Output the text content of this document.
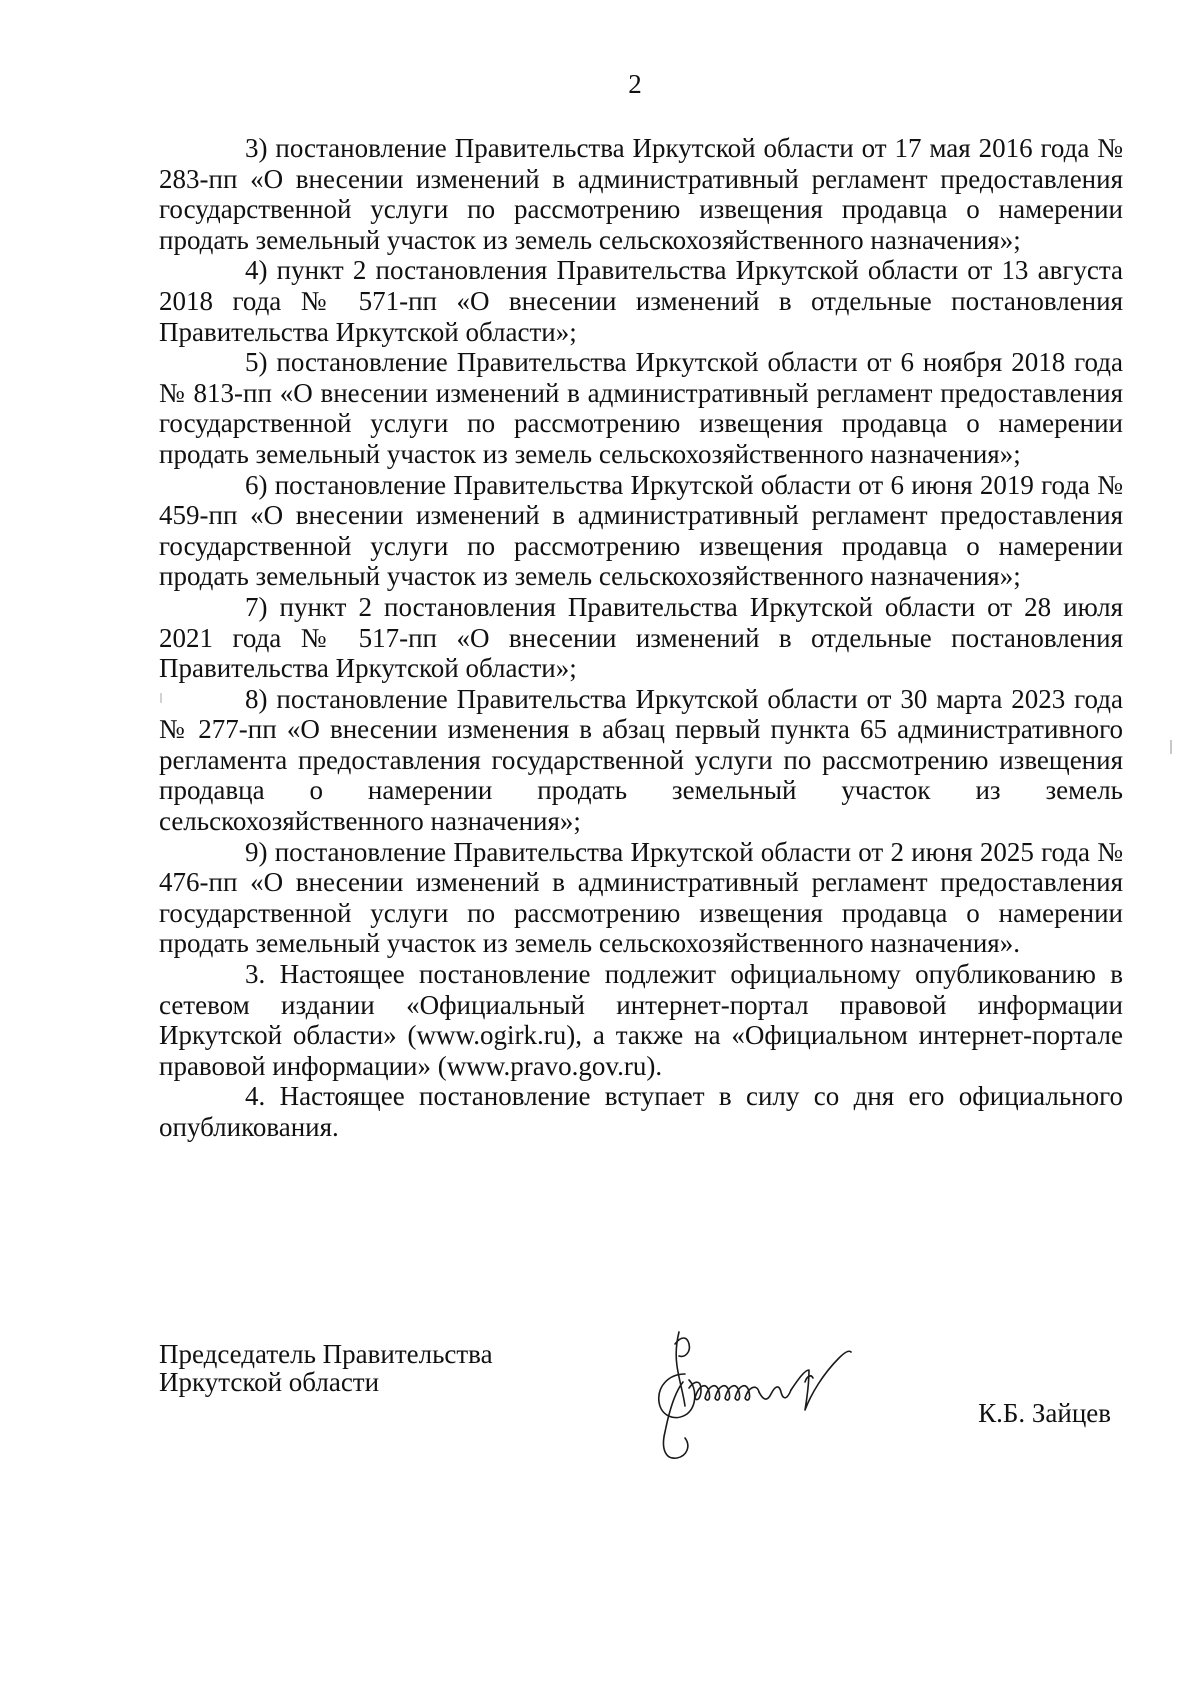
2

3) постановление Правительства Иркутской области от 17 мая 2016 года № 283-пп «О внесении изменений в административный регламент предоставления государственной услуги по рассмотрению извещения продавца о намерении продать земельный участок из земель сельскохозяйственного назначения»;

4) пункт 2 постановления Правительства Иркутской области от 13 августа 2018 года № 571-пп «О внесении изменений в отдельные постановления Правительства Иркутской области»;

5) постановление Правительства Иркутской области от 6 ноября 2018 года № 813-пп «О внесении изменений в административный регламент предоставления государственной услуги по рассмотрению извещения продавца о намерении продать земельный участок из земель сельскохозяйственного назначения»;

6) постановление Правительства Иркутской области от 6 июня 2019 года № 459-пп «О внесении изменений в административный регламент предоставления государственной услуги по рассмотрению извещения продавца о намерении продать земельный участок из земель сельскохозяйственного назначения»;

7) пункт 2 постановления Правительства Иркутской области от 28 июля 2021 года № 517-пп «О внесении изменений в отдельные постановления Правительства Иркутской области»;

8) постановление Правительства Иркутской области от 30 марта 2023 года № 277-пп «О внесении изменения в абзац первый пункта 65 административного регламента предоставления государственной услуги по рассмотрению извещения продавца о намерении продать земельный участок из земель сельскохозяйственного назначения»;

9) постановление Правительства Иркутской области от 2 июня 2025 года № 476-пп «О внесении изменений в административный регламент предоставления государственной услуги по рассмотрению извещения продавца о намерении продать земельный участок из земель сельскохозяйственного назначения».

3. Настоящее постановление подлежит официальному опубликованию в сетевом издании «Официальный интернет-портал правовой информации Иркутской области» (www.ogirk.ru), а также на «Официальном интернет-портале правовой информации» (www.pravo.gov.ru).

4. Настоящее постановление вступает в силу со дня его официального опубликования.

Председатель Правительства
Иркутской области
К.Б. Зайцев
